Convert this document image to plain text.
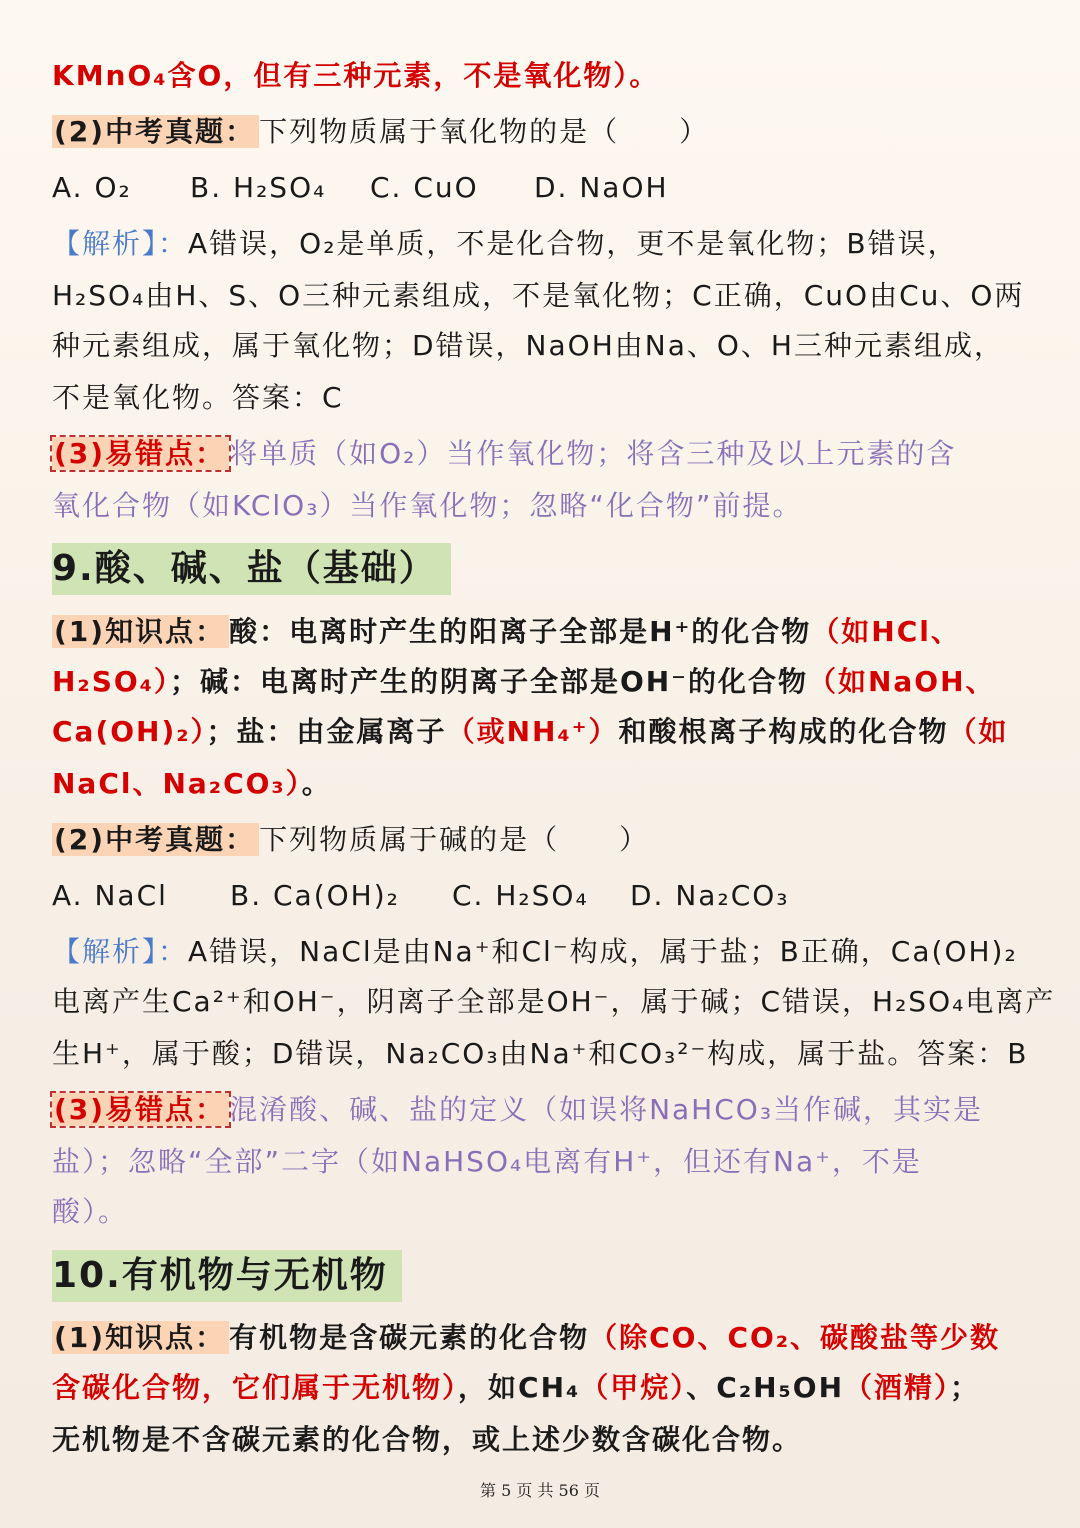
KMnO₄含O，但有三种元素，不是氧化物）。
(2)中考真题： 下列物质属于氧化物的是（　　）
A. O₂ B. H₂SO₄ C. CuO D. NaOH
【解析】：A错误，O₂是单质，不是化合物，更不是氧化物；B错误，
H₂SO₄由H、S、O三种元素组成，不是氧化物；C正确，CuO由Cu、O两
种元素组成，属于氧化物；D错误，NaOH由Na、O、H三种元素组成，
不是氧化物。答案：C
(3)易错点： 将单质（如O₂）当作氧化物；将含三种及以上元素的含
氧化合物（如KClO₃）当作氧化物；忽略“化合物”前提。
9.酸、碱、盐（基础）
(1)知识点： 酸：电离时产生的阳离子全部是H⁺的化合物（如HCl、
H₂SO₄）；碱：电离时产生的阴离子全部是OH⁻的化合物（如NaOH、
Ca(OH)₂）；盐：由金属离子（或NH₄⁺）和酸根离子构成的化合物（如
NaCl、Na₂CO₃）。
(2)中考真题： 下列物质属于碱的是（　　）
A. NaCl B. Ca(OH)₂ C. H₂SO₄ D. Na₂CO₃
【解析】：A错误，NaCl是由Na⁺和Cl⁻构成，属于盐；B正确，Ca(OH)₂
电离产生Ca²⁺和OH⁻，阴离子全部是OH⁻，属于碱；C错误，H₂SO₄电离产
生H⁺，属于酸；D错误，Na₂CO₃由Na⁺和CO₃²⁻构成，属于盐。答案：B
(3)易错点： 混淆酸、碱、盐的定义（如误将NaHCO₃当作碱，其实是
盐）；忽略“全部”二字（如NaHSO₄电离有H⁺，但还有Na⁺，不是
酸）。
10.有机物与无机物
(1)知识点： 有机物是含碳元素的化合物（除CO、CO₂、碳酸盐等少数
含碳化合物，它们属于无机物），如CH₄（甲烷）、C₂H₅OH（酒精）；
无机物是不含碳元素的化合物，或上述少数含碳化合物。
第 5 页 共 56 页
